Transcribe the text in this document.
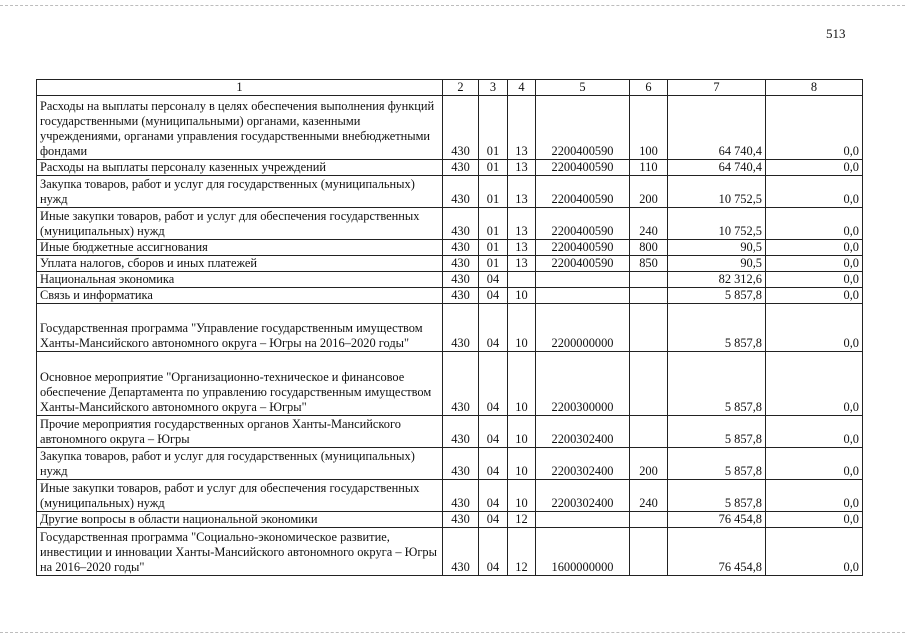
513
1	2	3	4	5	6	7	8
Расходы на выплаты персоналу в целях обеспечения выполнения функций государственными (муниципальными) органами, казенными учреждениями, органами управления государственными внебюджетными фондами	430	01	13	2200400590	100	64 740,4	0,0
Расходы на выплаты персоналу казенных учреждений	430	01	13	2200400590	110	64 740,4	0,0
Закупка товаров, работ и услуг для государственных (муниципальных) нужд	430	01	13	2200400590	200	10 752,5	0,0
Иные закупки товаров, работ и услуг для обеспечения государственных (муниципальных) нужд	430	01	13	2200400590	240	10 752,5	0,0
Иные бюджетные ассигнования	430	01	13	2200400590	800	90,5	0,0
Уплата налогов, сборов и иных платежей	430	01	13	2200400590	850	90,5	0,0
Национальная экономика	430	04				82 312,6	0,0
Связь и информатика	430	04	10			5 857,8	0,0
Государственная программа "Управление государственным имуществом Ханты-Мансийского автономного округа – Югры на 2016–2020 годы"	430	04	10	2200000000		5 857,8	0,0
Основное мероприятие "Организационно-техническое и финансовое обеспечение Департамента по управлению государственным имуществом Ханты-Мансийского автономного округа – Югры"	430	04	10	2200300000		5 857,8	0,0
Прочие мероприятия государственных органов Ханты-Мансийского автономного округа – Югры	430	04	10	2200302400		5 857,8	0,0
Закупка товаров, работ и услуг для государственных (муниципальных) нужд	430	04	10	2200302400	200	5 857,8	0,0
Иные закупки товаров, работ и услуг для обеспечения государственных (муниципальных) нужд	430	04	10	2200302400	240	5 857,8	0,0
Другие вопросы в области национальной экономики	430	04	12			76 454,8	0,0
Государственная программа "Социально-экономическое развитие, инвестиции и инновации Ханты-Мансийского автономного округа – Югры на 2016–2020 годы"	430	04	12	1600000000		76 454,8	0,0
